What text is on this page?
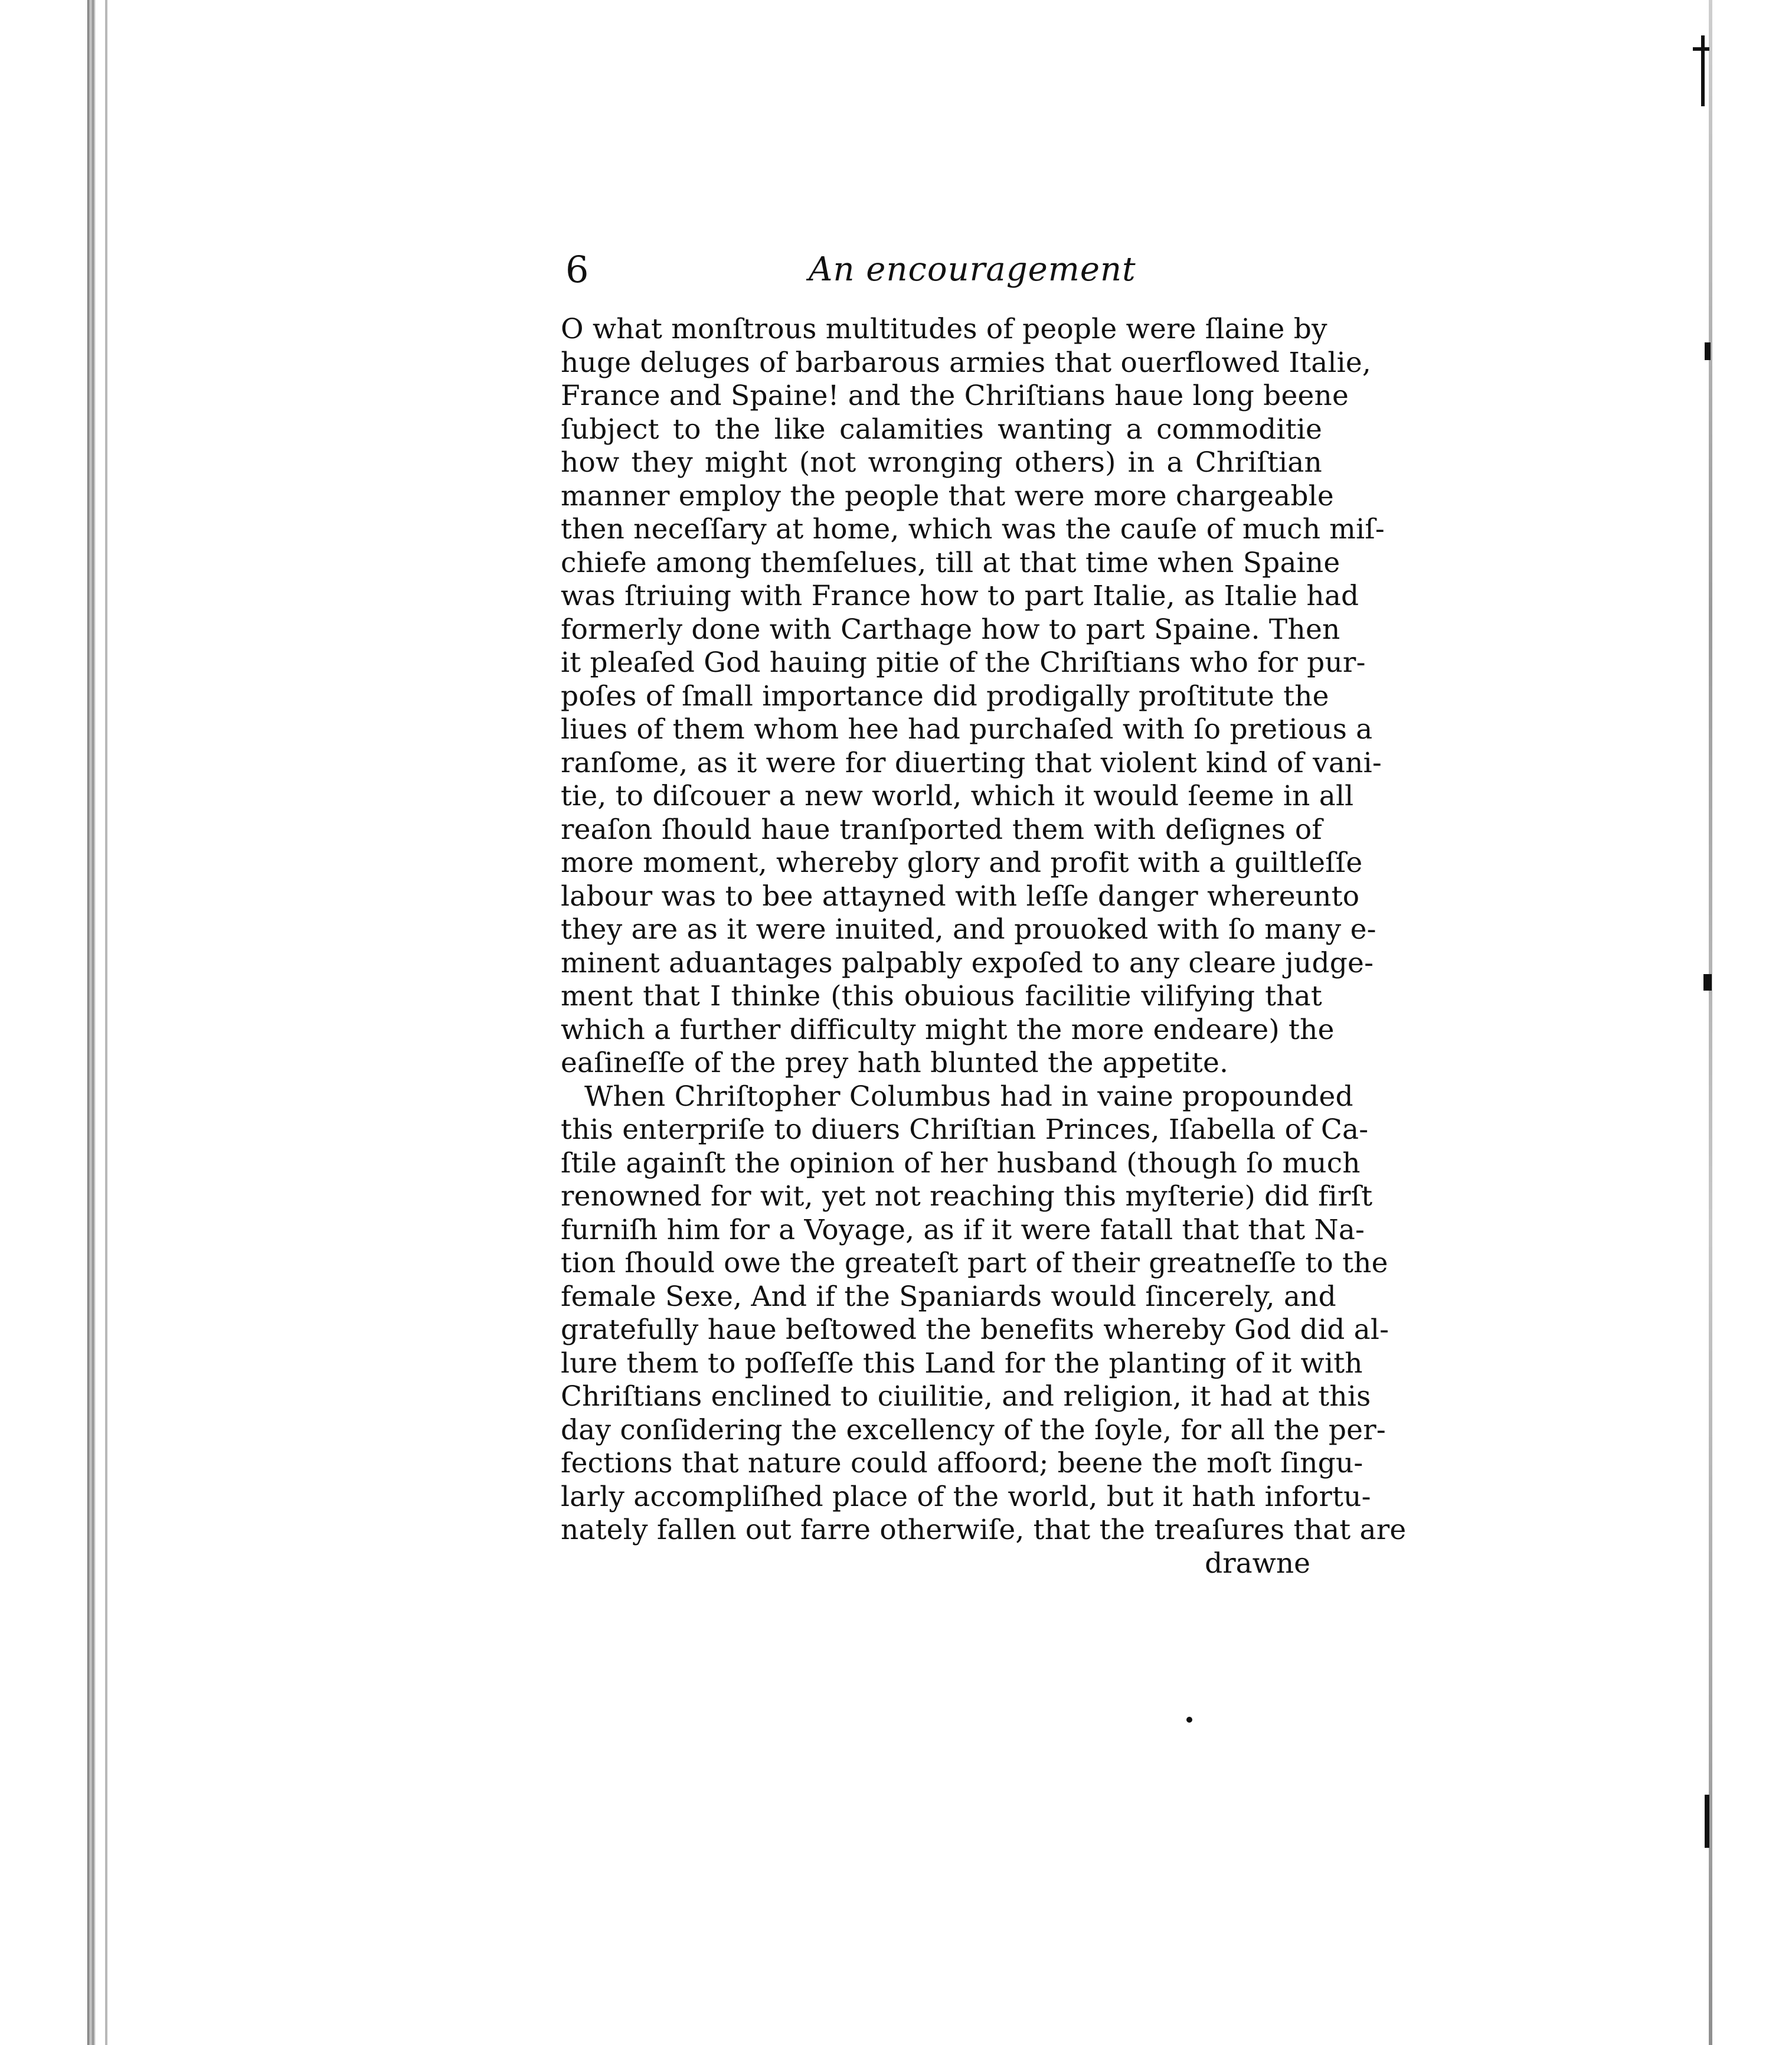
6	An encouragement
O what monſtrous multitudes of people were ſlaine by
huge deluges of barbarous armies that ouerflowed Italie,
France and Spaine! and the Chriſtians haue long beene
ſubject to the like calamities wanting a commoditie
how they might (not wronging others) in a Chriſtian
manner employ the people that were more chargeable
then neceſſary at home, which was the cauſe of much miſ-
chiefe among themſelues, till at that time when Spaine
was ſtriuing with France how to part Italie, as Italie had
formerly done with Carthage how to part Spaine. Then
it pleaſed God hauing pitie of the Chriſtians who for pur-
poſes of ſmall importance did prodigally proſtitute the
liues of them whom hee had purchaſed with ſo pretious a
ranſome, as it were for diuerting that violent kind of vani-
tie, to diſcouer a new world, which it would ſeeme in all
reaſon ſhould haue tranſported them with deſignes of
more moment, whereby glory and profit with a guiltleſſe
labour was to bee attayned with leſſe danger whereunto
they are as it were inuited, and prouoked with ſo many e-
minent aduantages palpably expoſed to any cleare judge-
ment that I thinke (this obuious facilitie vilifying that
which a further difficulty might the more endeare) the
eaſineſſe of the prey hath blunted the appetite.
When Chriſtopher Columbus had in vaine propounded
this enterpriſe to diuers Chriſtian Princes, Iſabella of Ca-
ſtile againſt the opinion of her husband (though ſo much
renowned for wit, yet not reaching this myſterie) did firſt
furniſh him for a Voyage, as if it were fatall that that Na-
tion ſhould owe the greateſt part of their greatneſſe to the
female Sexe, And if the Spaniards would ſincerely, and
gratefully haue beſtowed the benefits whereby God did al-
lure them to poſſeſſe this Land for the planting of it with
Chriſtians enclined to ciuilitie, and religion, it had at this
day conſidering the excellency of the ſoyle, for all the per-
fections that nature could affoord; beene the moſt ſingu-
larly accompliſhed place of the world, but it hath infortu-
nately fallen out farre otherwiſe, that the treaſures that are
drawne
